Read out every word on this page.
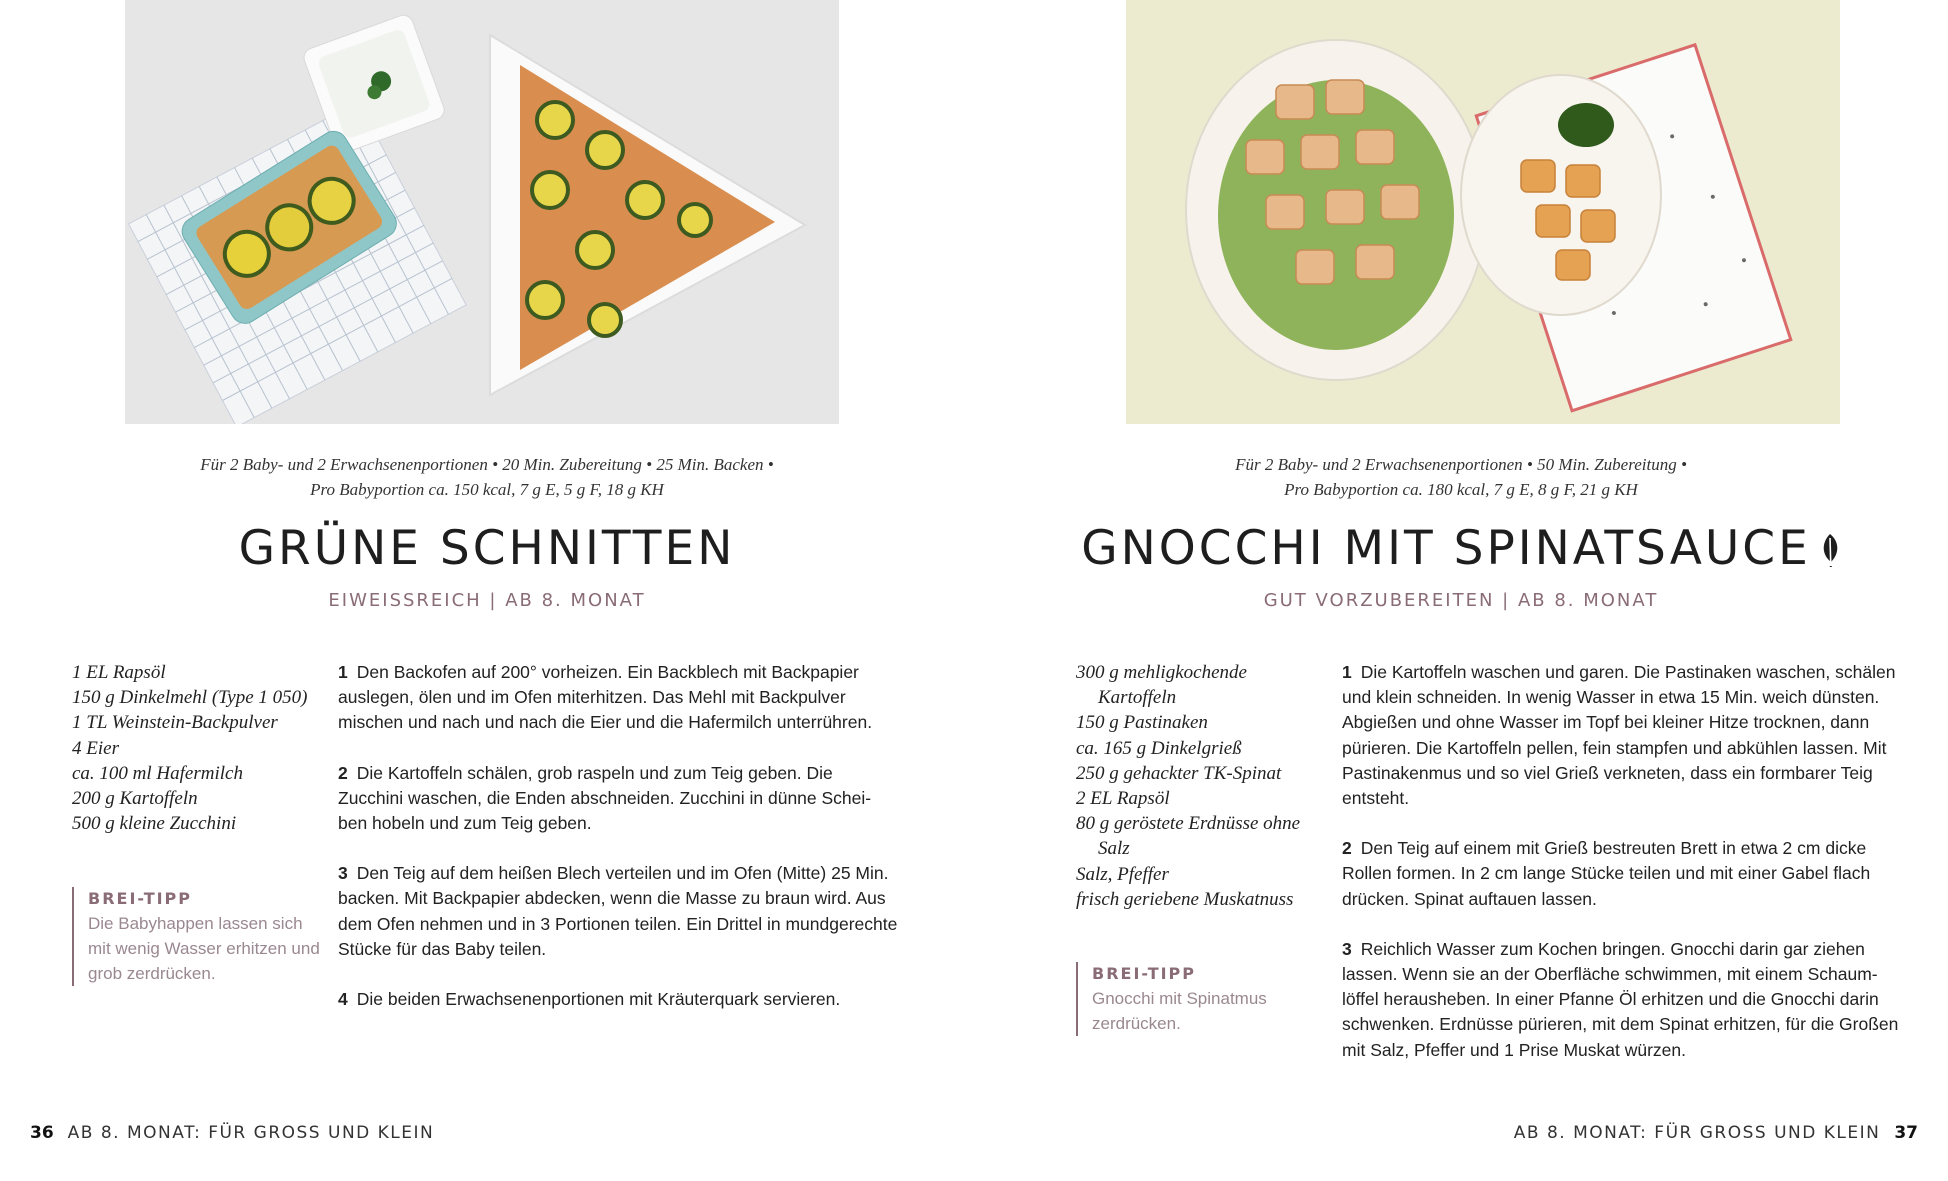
Für 2 Baby- und 2 Erwachsenenportionen • 20 Min. Zubereitung • 25 Min. Backen •
Pro Babyportion ca. 150 kcal, 7 g E, 5 g F, 18 g KH
GRÜNE SCHNITTEN
EIWEISSREICH | AB 8. MONAT
1 EL Rapsöl
150 g Dinkelmehl (Type 1 050)
1 TL Weinstein-Backpulver
4 Eier
ca. 100 ml Hafermilch
200 g Kartoffeln
500 g kleine Zucchini
BREI-TIPP
Die Babyhappen lassen sich mit wenig Wasser erhitzen und grob zerdrücken.
1 Den Backofen auf 200° vorheizen. Ein Backblech mit Backpapier auslegen, ölen und im Ofen miterhitzen. Das Mehl mit Backpulver mischen und nach und nach die Eier und die Hafermilch unterrühren.
2 Die Kartoffeln schälen, grob raspeln und zum Teig geben. Die Zucchini waschen, die Enden abschneiden. Zucchini in dünne Schei-ben hobeln und zum Teig geben.
3 Den Teig auf dem heißen Blech verteilen und im Ofen (Mitte) 25 Min. backen. Mit Backpapier abdecken, wenn die Masse zu braun wird. Aus dem Ofen nehmen und in 3 Portionen teilen. Ein Drittel in mundgerechte Stücke für das Baby teilen.
4 Die beiden Erwachsenenportionen mit Kräuterquark servieren.
36 AB 8. MONAT: FÜR GROSS UND KLEIN
Für 2 Baby- und 2 Erwachsenenportionen • 50 Min. Zubereitung •
Pro Babyportion ca. 180 kcal, 7 g E, 8 g F, 21 g KH
GNOCCHI MIT SPINATSAUCE
GUT VORZUBEREITEN | AB 8. MONAT
300 g mehligkochende Kartoffeln
150 g Pastinaken
ca. 165 g Dinkelgrieß
250 g gehackter TK-Spinat
2 EL Rapsöl
80 g geröstete Erdnüsse ohne Salz
Salz, Pfeffer
frisch geriebene Muskatnuss
BREI-TIPP
Gnocchi mit Spinatmus zerdrücken.
1 Die Kartoffeln waschen und garen. Die Pastinaken waschen, schälen und klein schneiden. In wenig Wasser in etwa 15 Min. weich dünsten. Abgießen und ohne Wasser im Topf bei kleiner Hitze trocknen, dann pürieren. Die Kartoffeln pellen, fein stampfen und abkühlen lassen. Mit Pastinakenmus und so viel Grieß verkneten, dass ein formbarer Teig entsteht.
2 Den Teig auf einem mit Grieß bestreuten Brett in etwa 2 cm dicke Rollen formen. In 2 cm lange Stücke teilen und mit einer Gabel flach drücken. Spinat auftauen lassen.
3 Reichlich Wasser zum Kochen bringen. Gnocchi darin gar ziehen lassen. Wenn sie an der Oberfläche schwimmen, mit einem Schaum-löffel herausheben. In einer Pfanne Öl erhitzen und die Gnocchi darin schwenken. Erdnüsse pürieren, mit dem Spinat erhitzen, für die Großen mit Salz, Pfeffer und 1 Prise Muskat würzen.
AB 8. MONAT: FÜR GROSS UND KLEIN 37
